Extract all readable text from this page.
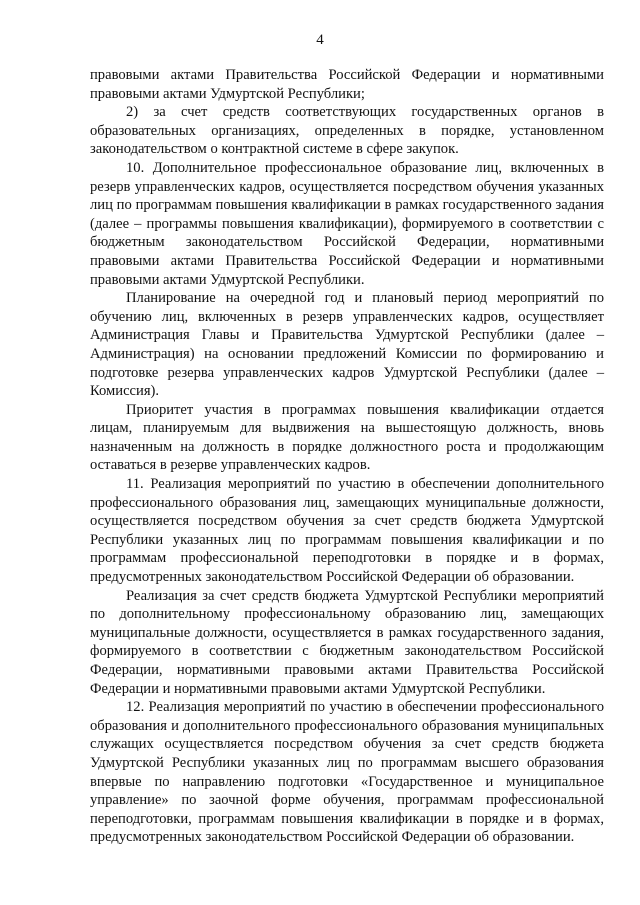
4

правовыми актами Правительства Российской Федерации и нормативными правовыми актами Удмуртской Республики;

2) за счет средств соответствующих государственных органов в образовательных организациях, определенных в порядке, установленном законодательством о контрактной системе в сфере закупок.

10. Дополнительное профессиональное образование лиц, включенных в резерв управленческих кадров, осуществляется посредством обучения указанных лиц по программам повышения квалификации в рамках государственного задания (далее – программы повышения квалификации), формируемого в соответствии с бюджетным законодательством Российской Федерации, нормативными правовыми актами Правительства Российской Федерации и нормативными правовыми актами Удмуртской Республики.

Планирование на очередной год и плановый период мероприятий по обучению лиц, включенных в резерв управленческих кадров, осуществляет Администрация Главы и Правительства Удмуртской Республики (далее – Администрация) на основании предложений Комиссии по формированию и подготовке резерва управленческих кадров Удмуртской Республики (далее – Комиссия).

Приоритет участия в программах повышения квалификации отдается лицам, планируемым для выдвижения на вышестоящую должность, вновь назначенным на должность в порядке должностного роста и продолжающим оставаться в резерве управленческих кадров.

11. Реализация мероприятий по участию в обеспечении дополнительного профессионального образования лиц, замещающих муниципальные должности, осуществляется посредством обучения за счет средств бюджета Удмуртской Республики указанных лиц по программам повышения квалификации и по программам профессиональной переподготовки в порядке и в формах, предусмотренных законодательством Российской Федерации об образовании.

Реализация за счет средств бюджета Удмуртской Республики мероприятий по дополнительному профессиональному образованию лиц, замещающих муниципальные должности, осуществляется в рамках государственного задания, формируемого в соответствии с бюджетным законодательством Российской Федерации, нормативными правовыми актами Правительства Российской Федерации и нормативными правовыми актами Удмуртской Республики.

12. Реализация мероприятий по участию в обеспечении профессионального образования и дополнительного профессионального образования муниципальных служащих осуществляется посредством обучения за счет средств бюджета Удмуртской Республики указанных лиц по программам высшего образования впервые по направлению подготовки «Государственное и муниципальное управление» по заочной форме обучения, программам профессиональной переподготовки, программам повышения квалификации в порядке и в формах, предусмотренных законодательством Российской Федерации об образовании.
